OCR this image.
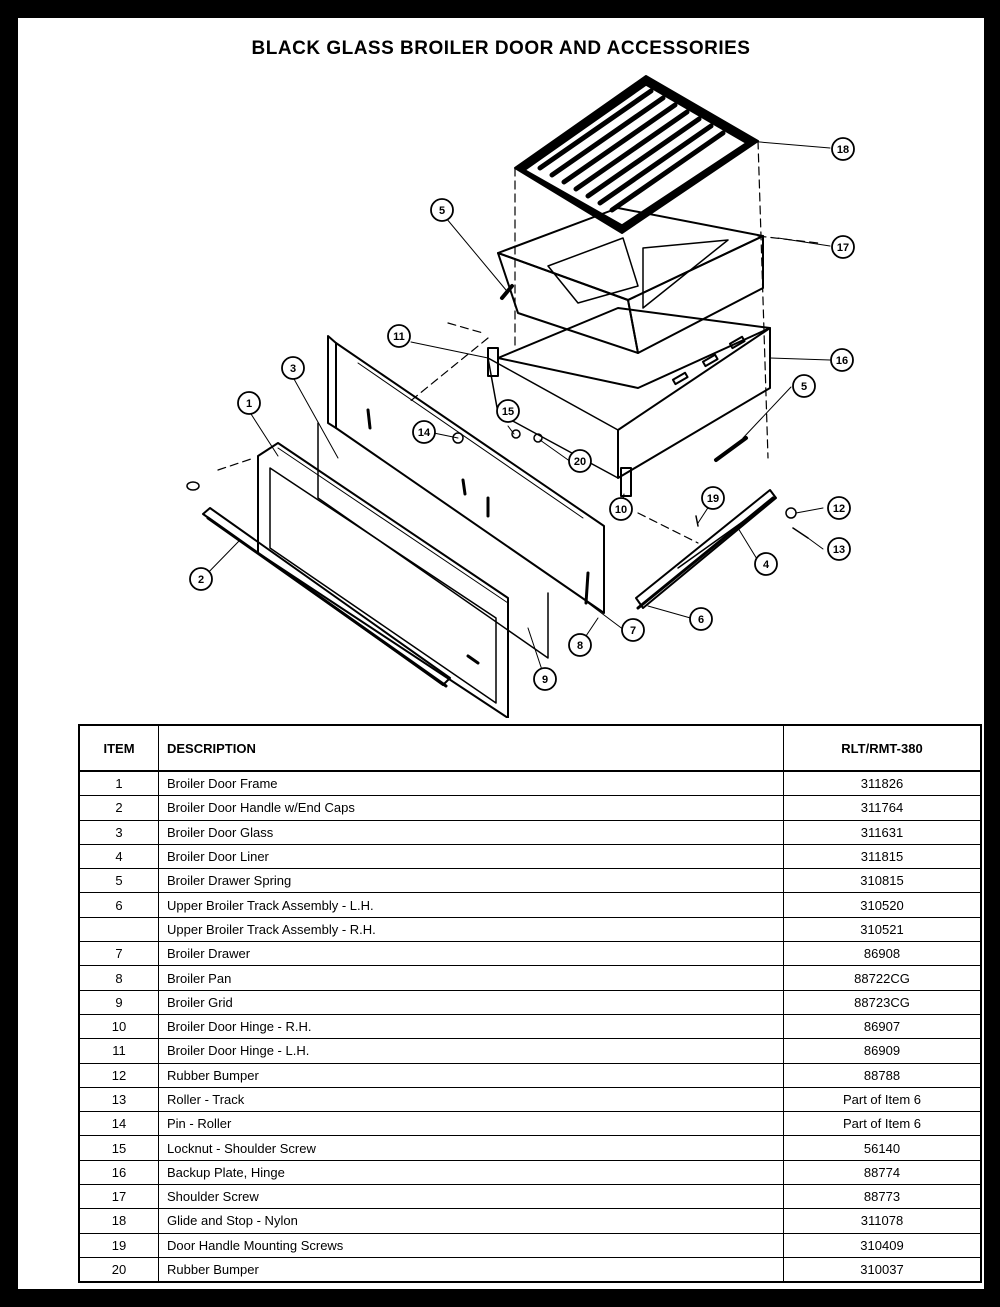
BLACK GLASS BROILER DOOR AND ACCESSORIES
18
17
16
5
5
3
1
2
11
15
20
14
19
10	12
13
4
6
7
8
9
ITEM	DESCRIPTION	RLT/RMT-380
1	Broiler Door Frame	311826
2	Broiler Door Handle w/End Caps	311764
3	Broiler Door Glass	311631
4	Broiler Door Liner	311815
5	Broiler Drawer Spring	310815
6	Upper Broiler Track Assembly - L.H.	310520
	Upper Broiler Track Assembly - R.H.	310521
7	Broiler Drawer	86908
8	Broiler Pan	88722CG
9	Broiler Grid	88723CG
10	Broiler Door Hinge - R.H.	86907
11	Broiler Door Hinge - L.H.	86909
12	Rubber Bumper	88788
13	Roller - Track	Part of Item 6
14	Pin - Roller	Part of Item 6
15	Locknut - Shoulder Screw	56140
16	Backup Plate, Hinge	88774
17	Shoulder Screw	88773
18	Glide and Stop - Nylon	311078
19	Door Handle Mounting Screws	310409
20	Rubber Bumper	310037
